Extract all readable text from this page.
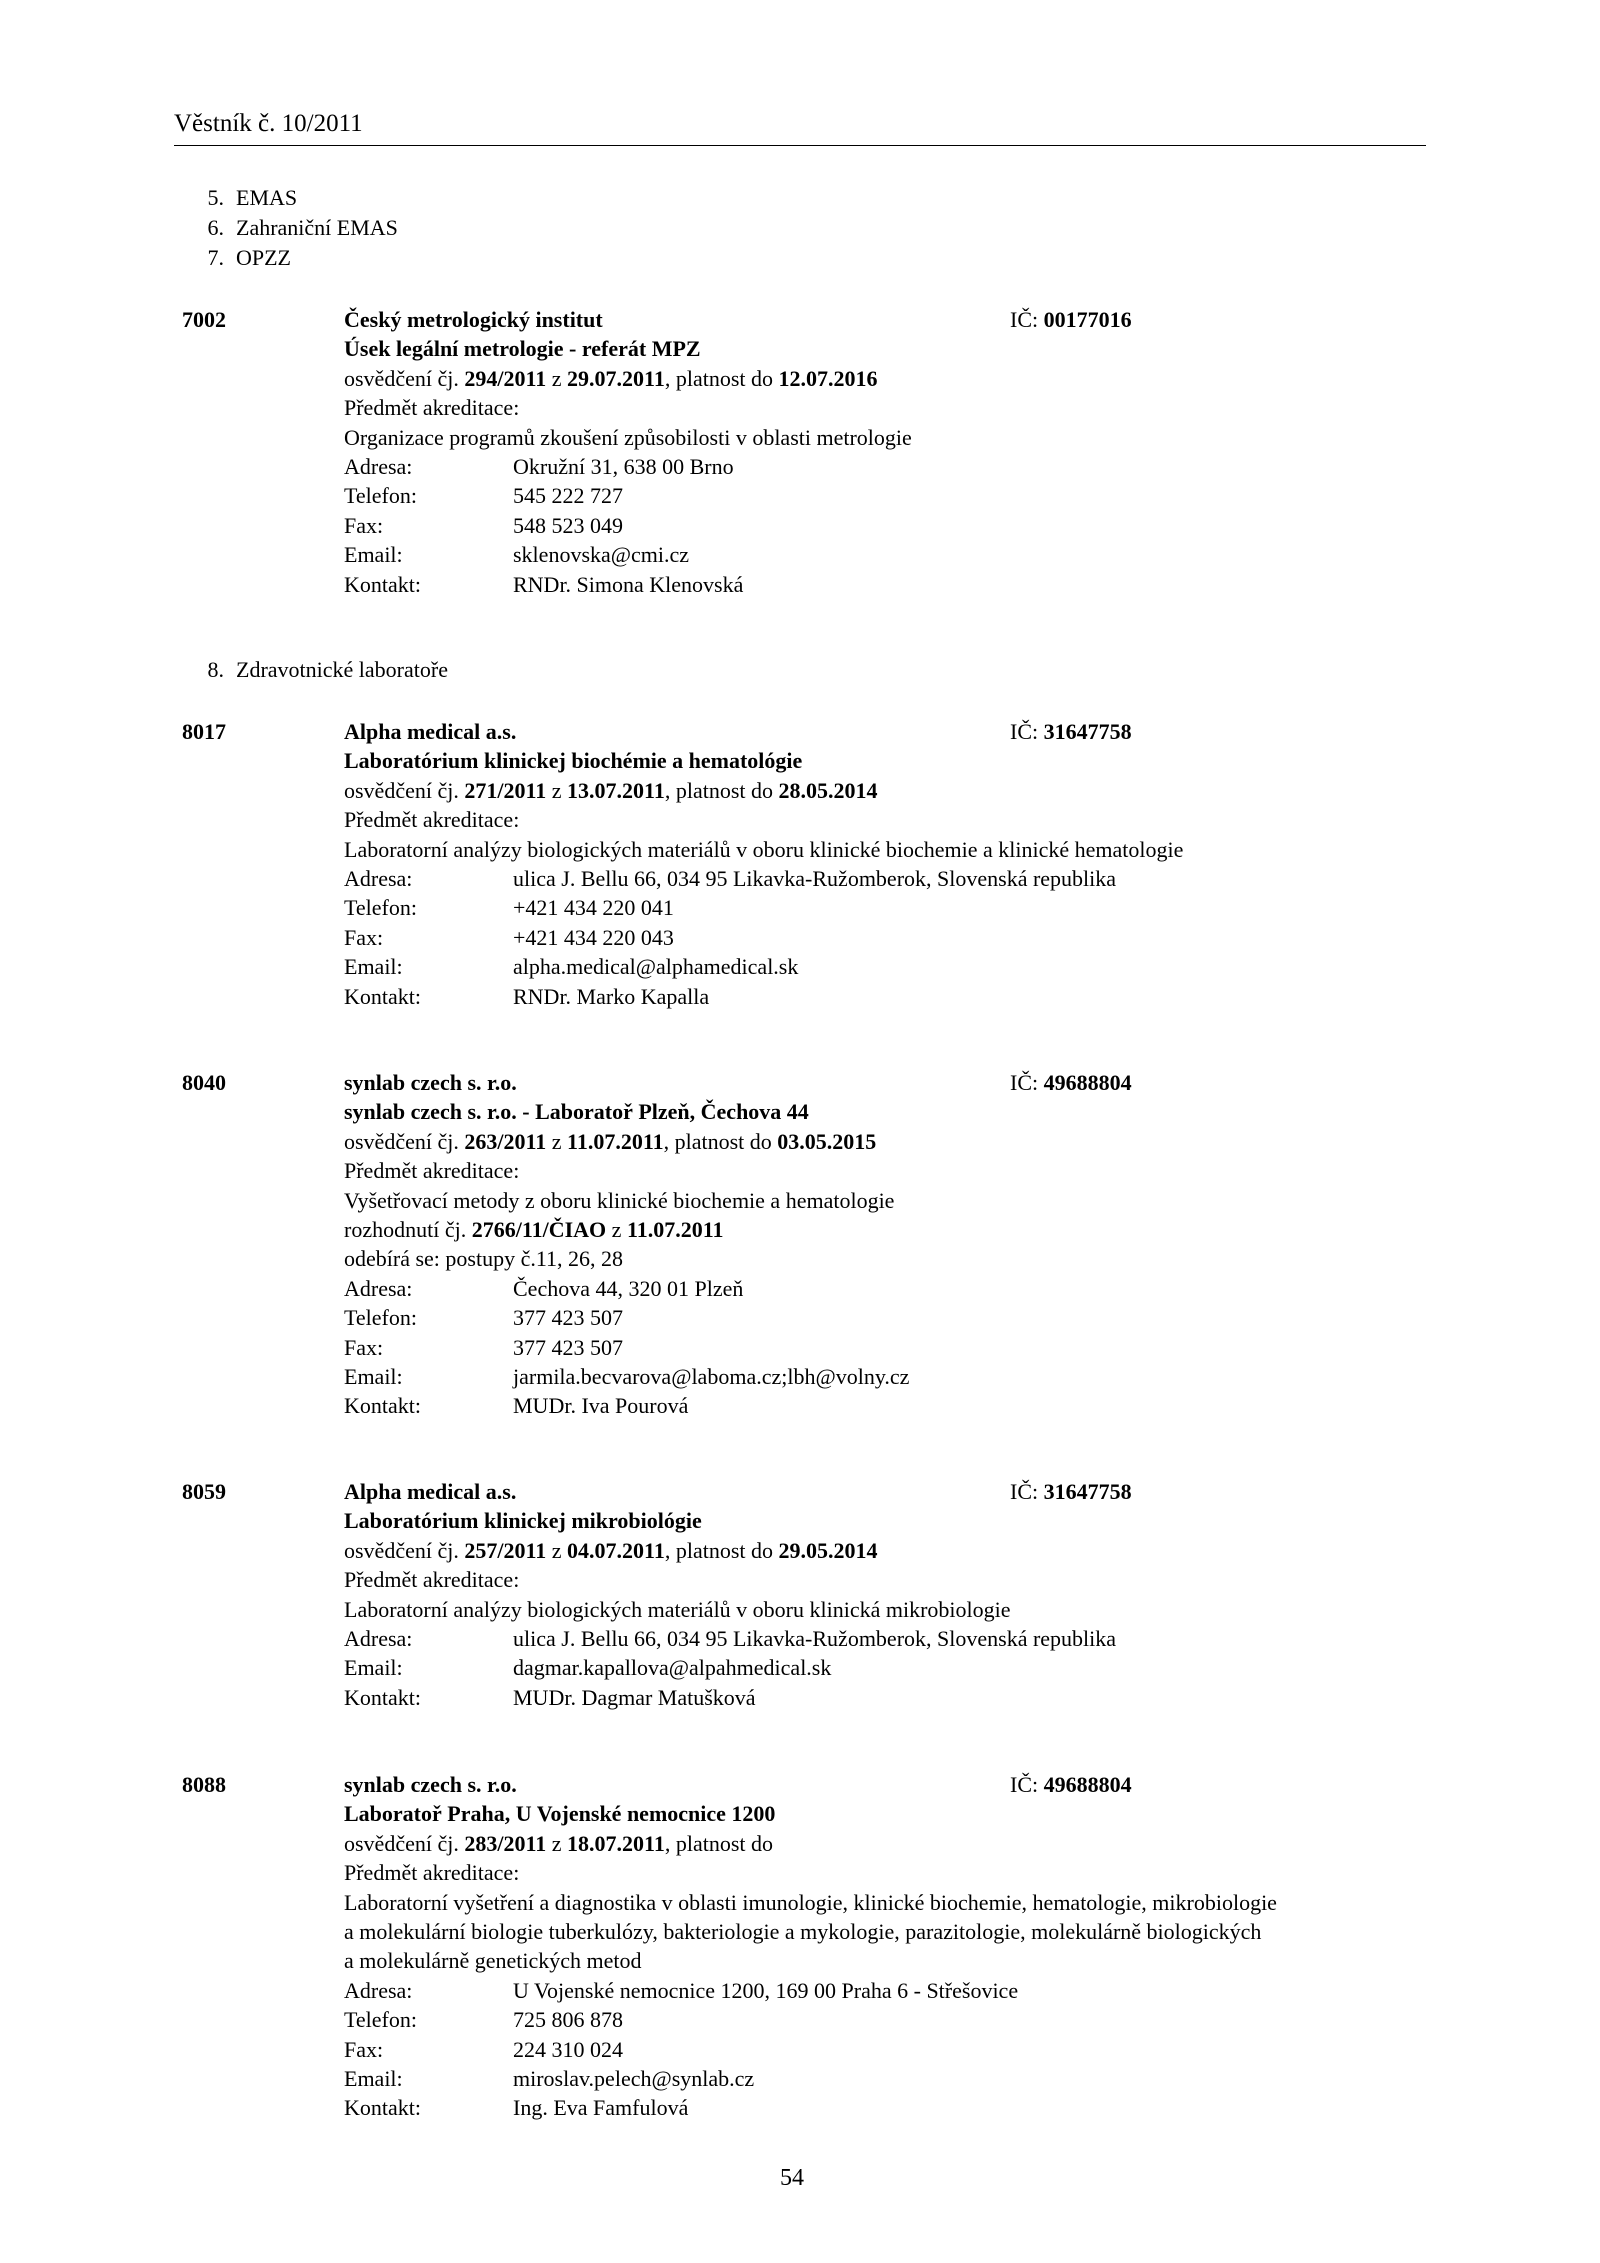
Věstník č. 10/2011
5. EMAS
6. Zahraniční EMAS
7. OPZZ
7002	Český metrologický institut	IČ: 00177016
Úsek legální metrologie - referát MPZ
osvědčení čj. 294/2011 z 29.07.2011, platnost do 12.07.2016
Předmět akreditace:
Organizace programů zkoušení způsobilosti v oblasti metrologie
Adresa:	Okružní 31, 638 00 Brno
Telefon:	545 222 727
Fax:	548 523 049
Email:	sklenovska@cmi.cz
Kontakt:	RNDr. Simona Klenovská
8. Zdravotnické laboratoře
8017	Alpha medical a.s.	IČ: 31647758
Laboratórium klinickej biochémie a hematológie
osvědčení čj. 271/2011 z 13.07.2011, platnost do 28.05.2014
Předmět akreditace:
Laboratorní analýzy biologických materiálů v oboru klinické biochemie a klinické hematologie
Adresa:	ulica J. Bellu 66, 034 95 Likavka-Ružomberok, Slovenská republika
Telefon:	+421 434 220 041
Fax:	+421 434 220 043
Email:	alpha.medical@alphamedical.sk
Kontakt:	RNDr. Marko Kapalla
8040	synlab czech s. r.o.	IČ: 49688804
synlab czech s. r.o. - Laboratoř Plzeň, Čechova 44
osvědčení čj. 263/2011 z 11.07.2011, platnost do 03.05.2015
Předmět akreditace:
Vyšetřovací metody z oboru klinické biochemie a hematologie
rozhodnutí čj. 2766/11/ČIAO z 11.07.2011
odebírá se: postupy č.11, 26, 28
Adresa:	Čechova 44, 320 01 Plzeň
Telefon:	377 423 507
Fax:	377 423 507
Email:	jarmila.becvarova@laboma.cz;lbh@volny.cz
Kontakt:	MUDr. Iva Pourová
8059	Alpha medical a.s.	IČ: 31647758
Laboratórium klinickej mikrobiológie
osvědčení čj. 257/2011 z 04.07.2011, platnost do 29.05.2014
Předmět akreditace:
Laboratorní analýzy biologických materiálů v oboru klinická mikrobiologie
Adresa:	ulica J. Bellu 66, 034 95 Likavka-Ružomberok, Slovenská republika
Email:	dagmar.kapallova@alpahmedical.sk
Kontakt:	MUDr. Dagmar Matušková
8088	synlab czech s. r.o.	IČ: 49688804
Laboratoř Praha, U Vojenské nemocnice 1200
osvědčení čj. 283/2011 z 18.07.2011, platnost do
Předmět akreditace:
Laboratorní vyšetření a diagnostika v oblasti imunologie, klinické biochemie, hematologie, mikrobiologie
a molekulární biologie tuberkulózy, bakteriologie a mykologie, parazitologie, molekulárně biologických
a molekulárně genetických metod
Adresa:	U Vojenské nemocnice 1200, 169 00 Praha 6 - Střešovice
Telefon:	725 806 878
Fax:	224 310 024
Email:	miroslav.pelech@synlab.cz
Kontakt:	Ing. Eva Famfulová
54
